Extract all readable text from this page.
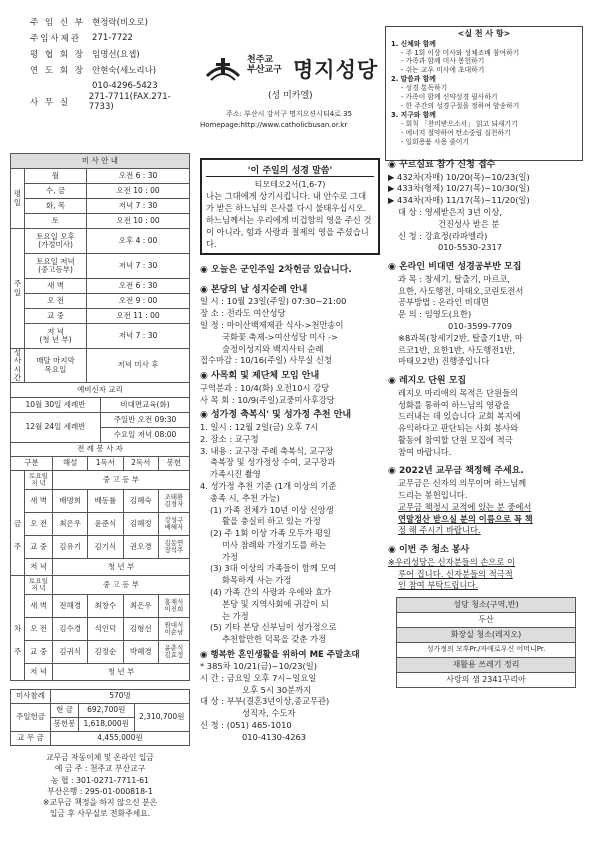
주 임 신 부 현정락(비오로)
주임사제관	271-7722
평 협 회 장 임명선(요셉)
연 도 회 장 안현숙(세노리나)
010-4296-5423
사 무 실
271-7711(FAX.271-7733)
천주교
부산교구 명지성당
(성 미카엘)
주소: 부산시 강서구 명지오션시티4로 35
Homepage:http://www.catholicbusan.or.kr
<실 천 사 항>
1. 신체와 함께
- 주 1회 이상 미사와 성체조배 참여하기
- 가족과 함께 미사 봉헌하기
- 쉬는 교우 미사에 초대하기
2. 말씀과 함께
- 성경 통독하기
- 가족이 함께 신약성경 필사하기
- 한 주간의 성경구절을 정하여 암송하기
3. 지구와 함께
- 회칙 「찬미받으소서」 읽고 되새기기
- 에너지 절약하여 탄소중립 실천하기
- 일회용품 사용 줄이기
미 사 안 내		
평일	월	오전 6 : 30
	수, 금	오전 10 : 00
	화, 목	저녁 7 : 30
	토	오전 10 : 00
주일	토요일 오후
(가정미사)	오후 4 : 00
	토요일 저녁
(중고등부)	저녁 7 : 30
	새 벽	오전 6 : 30
	오 전	오전 9 : 00
	교 중	오전 11 : 00
	저 녁
(청 년 부)	저녁 7 : 30
성사
시간	매달 마지막
목요일	저녁 미사 후
예비신자 교리	
10월 30일 세례반	비대면교육(화)
12월 24일 세례반	주일반 오전 09:30
	수요일 저녁 08:00
전 례 봉 사 자					
구분		해설	1독서	2독서	봉헌
	토요일
저 녁	중 고 등 부			
	새 벽	배명희	배동률	김혜숙	조태환
김경자
금	오 전	최은우	윤준식	김혜정	강성구
배혜자
주	교 중	김유기	김기식	권오경	김동연
장석주
	저 녁	청 년 부			
	토요일
저 녁	중 고 등 부			
	새 벽	전해경	최창수	최은우	홍재식
이진희
차	오 전	김수경	석인덕	김형선	원대식
이순남
주	교 중	김귀식	김정순	박혜경	윤춘식
김효정
	저 녁	청 년 부			
미사참례	570명		
주일헌금	현 금	692,700원	2,310,700원
	봉헌봉	1,618,000원	
교 무 금	4,455,000원		
교무금 자동이체 및 온라인 입금
예 금 주 : 천주교 부산교구
농 협 : 301-0271-7711-61
부산은행 : 295-01-000818-1
※교무금 책정을 하지 않으신 분은
입금 후 사무실로 전화주세요.
'이 주일의 성경 말씀'
티모테오2서(1,6-7)
나는 그대에게 상기시킵니다. 내 안수로 그대가 받은 하느님의 은사를 다시 불태우십시오. 하느님께서는 우리에게 비겁함의 영을 주신 것이 아니라, 힘과 사랑과 절제의 영을 주셨습니다.
◉ 오늘은 군인주일 2차헌금 있습니다.
◉ 본당의 날 성지순례 안내
일 시 : 10월 23일(주일) 07:30~21:00
장 소 : 전라도 여산성당
일 정 : 마이산백제제관 식사->천만송이
국화꽃 축제->여산성당 미사 ->
숲정이성지와 백지사터 순례
접수마감 : 10/16(주일) 사무실 신청
◉ 사목회 및 제단체 모임 안내
구역분과 : 10/4(화) 오전10시 강당
사 목 회 : 10/9(주일)교중미사후강당
◉ 성가정 축복식' 및 성가정 추천 안내
1. 일시 : 12월 2일(금) 오후 7시
2. 장소 : 교구청
3. 내용 : 교구장 주례 축복식, 교구장
축복장 및 성가정상 수여, 교구장과
가족시진 촬영
4. 성가정 추천 기준 (1개 이상의 기준
충족 시, 추천 가능)
(1) 가족 전체가 10년 이상 신앙생
활을 충실히 하고 있는 가정
(2) 주 1회 이상 가족 모두가 평일
미사 참례와 가정기도를 하는
가정
(3) 3대 이상의 가족들이 함께 모여
화목하게 사는 가정
(4) 가족 간의 사랑과 우애와 효가
본당 및 지역사회에 귀감이 되
는 가정
(5) 기타 본당 신부님이 성가정으로
추천할만한 덕목을 갖춘 가정
◉ 행복한 혼인생활을 위하여 ME 주말초대
* 385차 10/21(금)~10/23(일)
시 간 : 금요일 오후 7시~일요일
오후 5시 30분까지
대 상 : 부부(결혼3년이상,종교무관)
성직자, 수도자
신 청 : (051) 465-1010
010-4130-4263
◉ 꾸르실료 참가 신청 접수
▶ 432차(자매) 10/20(목)~10/23(일)
▶ 433차(형제) 10/27(목)~10/30(일)
▶ 434차(자매) 11/17(목)~11/20(일)
대 상 : 영세받은지 3년 이상,
건진성사 받은 분
신 청 : 강효정(라파엘라)
010-5530-2317
◉ 온라인 비대면 성경공부반 모집
과 목 : 창세기, 탈출기, 마르코,
요한, 사도행전, 마태오,코린토전서
공부방법 : 온라인 비대면
문 의 : 임영도(요한)
010-3599-7709
※8과목(창세기2반, 탈출기1반, 마
르코1반, 요한1반, 사도행전1반,
마태오2반) 진행중입니다
◉ 레지오 단원 모집
레지오 마리애의 목적은 단원들의
성화를 통하여 하느님의 영광을
드러내는 데 있습니다 교회 복지에
유익하다고 판단되는 사회 봉사와
활동에 참여할 단원 모집에 적극
참여 바랍니다.
◉ 2022년 교무금 책정해 주세요.
교무금은 신자의 의무이며 하느님께
드리는 봉헌입니다.
교무금 책정시 교적에 있는 분 중에서
연말정산 받으실 분의 이름으로 꼭 책
정 해 주시기 바랍니다.
◉ 이번 주 청소 봉사
※우리성당은 신자분들의 손으로 이
루어 집니다. 신자분들의 적극적
인 참여 부탁드립니다.
성당 청소(구역,반)
두산
화장실 청소(레지오)
성가정의 모후Pr./자애로우신 어머니Pr.
재활용 쓰레기 정리
사랑의 샘 2341꾸리아
